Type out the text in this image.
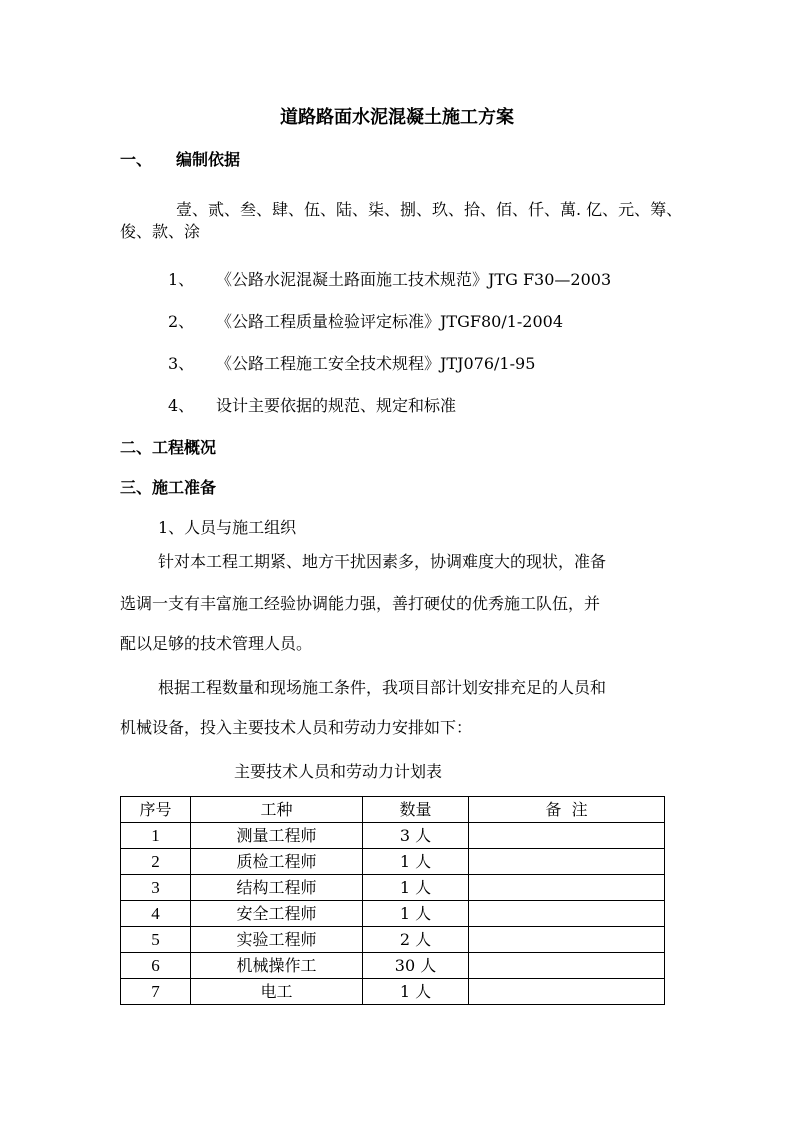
道路路面水泥混凝土施工方案
一、 编制依据
壹、贰、叁、肆、伍、陆、柒、捌、玖、拾、佰、仟、萬. 亿、元、筹、
俊、款、涂
1、 《公路水泥混凝土路面施工技术规范》JTG F30—2003
2、 《公路工程质量检验评定标准》JTGF80/1-2004
3、 《公路工程施工安全技术规程》JTJ076/1-95
4、 设计主要依据的规范、规定和标准
二、工程概况
三、施工准备
1、人员与施工组织
针对本工程工期紧、地方干扰因素多，协调难度大的现状，准备
选调一支有丰富施工经验协调能力强，善打硬仗的优秀施工队伍，并
配以足够的技术管理人员。
根据工程数量和现场施工条件，我项目部计划安排充足的人员和
机械设备，投入主要技术人员和劳动力安排如下：
主要技术人员和劳动力计划表
序号	工种	数量	备  注
1	测量工程师	3 人	
2	质检工程师	1 人	
3	结构工程师	1 人	
4	安全工程师	1 人	
5	实验工程师	2 人	
6	机械操作工	30 人	
7	电工	1 人	
